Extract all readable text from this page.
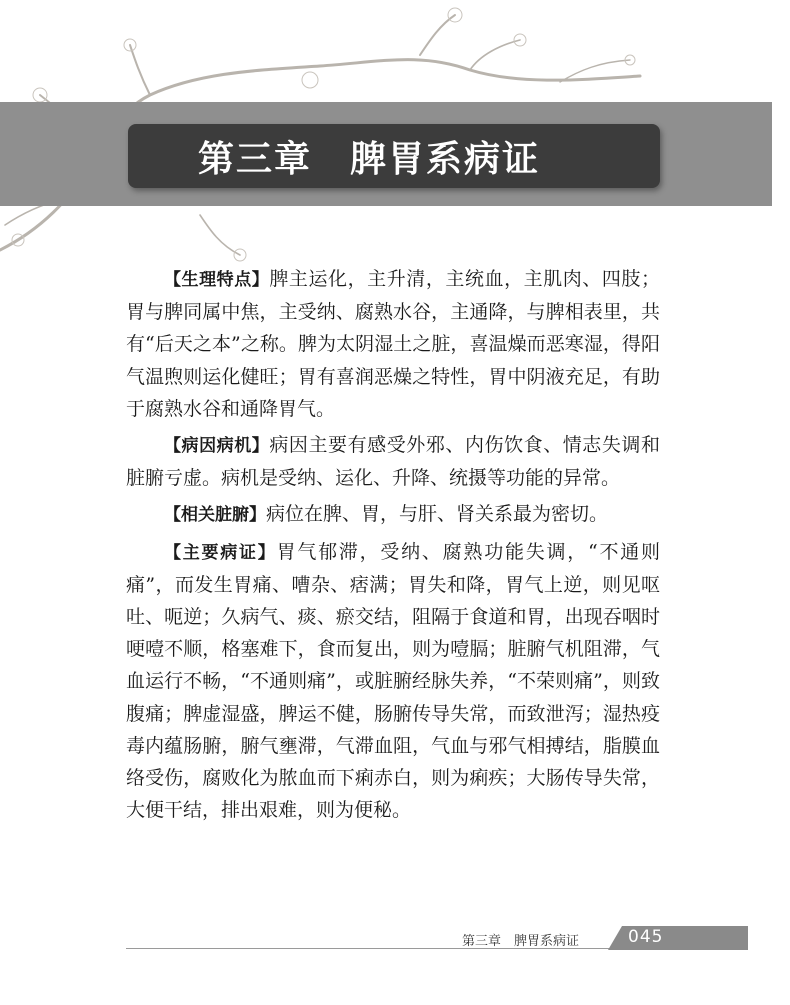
第三章　脾胃系病证

【生理特点】脾主运化，主升清，主统血，主肌肉、四肢；胃与脾同属中焦，主受纳、腐熟水谷，主通降，与脾相表里，共有“后天之本”之称。脾为太阴湿土之脏，喜温燥而恶寒湿，得阳气温煦则运化健旺；胃有喜润恶燥之特性，胃中阴液充足，有助于腐熟水谷和通降胃气。

【病因病机】病因主要有感受外邪、内伤饮食、情志失调和脏腑亏虚。病机是受纳、运化、升降、统摄等功能的异常。

【相关脏腑】病位在脾、胃，与肝、肾关系最为密切。

【主要病证】胃气郁滞，受纳、腐熟功能失调，“不通则痛”，而发生胃痛、嘈杂、痞满；胃失和降，胃气上逆，则见呕吐、呃逆；久病气、痰、瘀交结，阻隔于食道和胃，出现吞咽时哽噎不顺，格塞难下，食而复出，则为噎膈；脏腑气机阻滞，气血运行不畅，“不通则痛”，或脏腑经脉失养，“不荣则痛”，则致腹痛；脾虚湿盛，脾运不健，肠腑传导失常，而致泄泻；湿热疫毒内蕴肠腑，腑气壅滞，气滞血阻，气血与邪气相搏结，脂膜血络受伤，腐败化为脓血而下痢赤白，则为痢疾；大肠传导失常，大便干结，排出艰难，则为便秘。

第三章　脾胃系病证	045
